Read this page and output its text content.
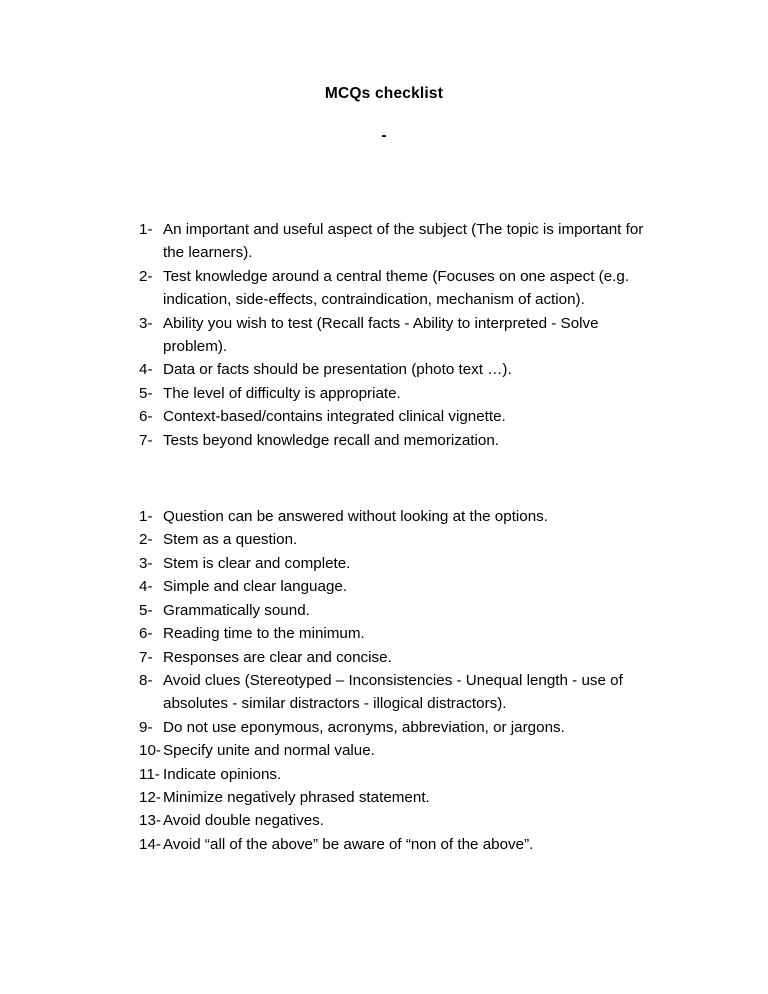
MCQs checklist
-
1- An important and useful aspect of the subject (The topic is important for the learners).
2- Test knowledge around a central theme (Focuses on one aspect (e.g. indication, side-effects, contraindication, mechanism of action).
3- Ability you wish to test (Recall facts - Ability to interpreted - Solve problem).
4- Data or facts should be presentation (photo text …).
5- The level of difficulty is appropriate.
6- Context-based/contains integrated clinical vignette.
7- Tests beyond knowledge recall and memorization.
1- Question can be answered without looking at the options.
2- Stem as a question.
3- Stem is clear and complete.
4- Simple and clear language.
5- Grammatically sound.
6- Reading time to the minimum.
7- Responses are clear and concise.
8- Avoid clues (Stereotyped – Inconsistencies - Unequal length - use of absolutes - similar distractors - illogical distractors).
9- Do not use eponymous, acronyms, abbreviation, or jargons.
10- Specify unite and normal value.
11- Indicate opinions.
12- Minimize negatively phrased statement.
13- Avoid double negatives.
14- Avoid “all of the above” be aware of “non of the above”.
